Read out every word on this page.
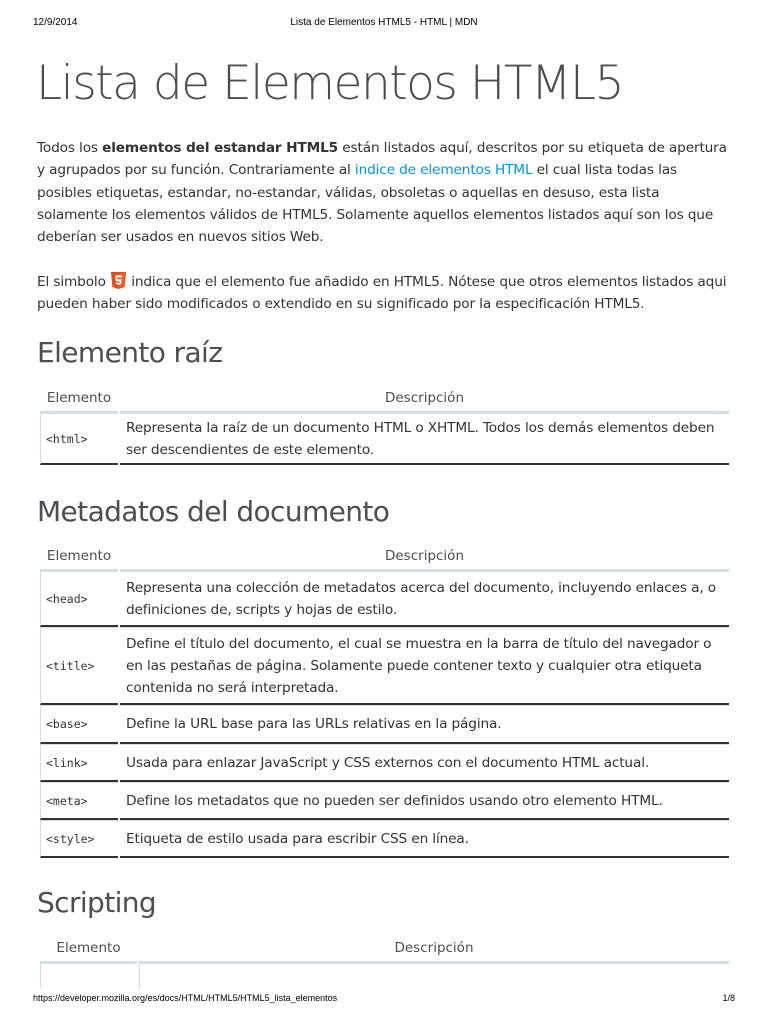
12/9/2014	Lista de Elementos HTML5 - HTML | MDN
Lista de Elementos HTML5

Todos los elementos del estandar HTML5 están listados aquí, descritos por su etiqueta de apertura y agrupados por su función. Contrariamente al indice de elementos HTML el cual lista todas las posibles etiquetas, estandar, no-estandar, válidas, obsoletas o aquellas en desuso, esta lista solamente los elementos válidos de HTML5. Solamente aquellos elementos listados aquí son los que deberían ser usados en nuevos sitios Web.

El simbolo  indica que el elemento fue añadido en HTML5. Nótese que otros elementos listados aqui pueden haber sido modificados o extendido en su significado por la especificación HTML5.

Elemento raíz
Elemento	Descripción

<html>	Representa la raíz de un documento HTML o XHTML. Todos los demás elementos deben ser descendientes de este elemento.
Metadatos del documento
Elemento	Descripción
<head>	Representa una colección de metadatos acerca del documento, incluyendo enlaces a, o definiciones de, scripts y hojas de estilo.
<title>	Define el título del documento, el cual se muestra en la barra de título del navegador o en las pestañas de página. Solamente puede contener texto y cualquier otra etiqueta contenida no será interpretada.
<base>	Define la URL base para las URLs relativas en la página.
<link>	Usada para enlazar JavaScript y CSS externos con el documento HTML actual.
<meta>	Define los metadatos que no pueden ser definidos usando otro elemento HTML.
<style>	Etiqueta de estilo usada para escribir CSS en línea.
Scripting
Elemento	Descripción

https://developer.mozilla.org/es/docs/HTML/HTML5/HTML5_lista_elementos	1/8
